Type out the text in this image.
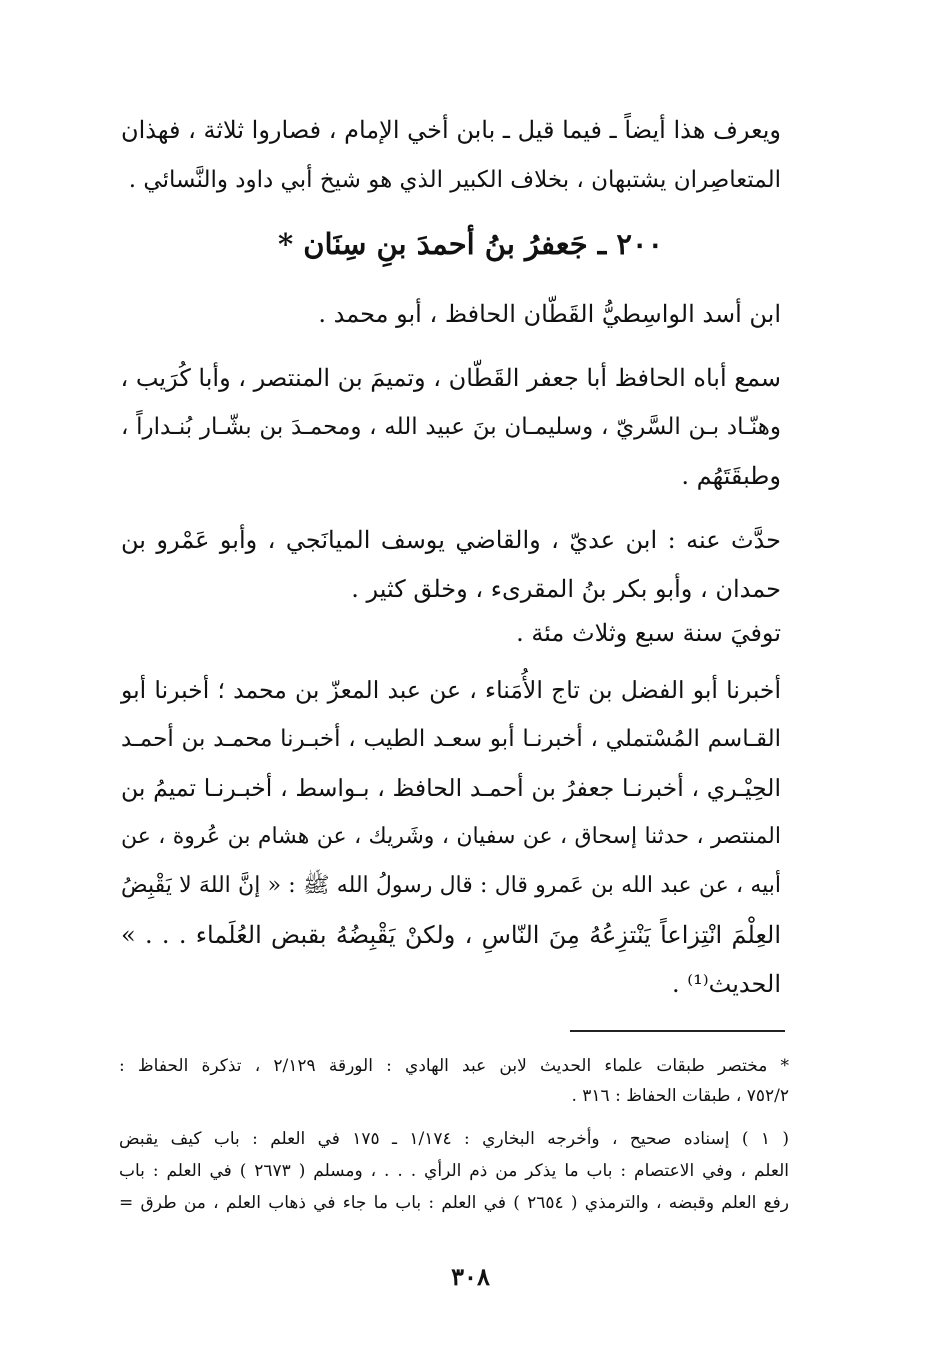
ويعرف هذا أيضاً ـ فيما قيل ـ بابن أخي الإمام ، فصاروا ثلاثة ، فهذان
المتعاصِران يشتبهان ، بخلاف الكبير الذي هو شيخ أبي داود والنَّسائي .
٢٠٠ ـ جَعفرُ بنُ أحمدَ بنِ سِنَان *
ابن أسد الواسِطيُّ القَطّان الحافظ ، أبو محمد .
سمع أباه الحافظ أبا جعفر القَطّان ، وتميمَ بن المنتصر ، وأبا كُرَيب ،
وهنّـاد بـن السَّريّ ، وسليمـان بنَ عبيد الله ، ومحمـدَ بن بشّـار بُنـداراً ،
وطبقَتَهُم .
حدَّث عنه : ابن عديّ ، والقاضي يوسف الميانَجي ، وأبو عَمْرو بن
حمدان ، وأبو بكر بنُ المقرىء ، وخلق كثير .
توفيَ سنة سبع وثلاث مئة .
أخبرنا أبو الفضل بن تاج الأُمَناء ، عن عبد المعزّ بن محمد ؛ أخبرنا أبو
القـاسم المُسْتملي ، أخبرنـا أبو سعـد الطيب ، أخبـرنا محمـد بن أحمـد
الحِيْـري ، أخبرنـا جعفرُ بن أحمـد الحافظ ، بـواسط ، أخبـرنـا تميمُ بن
المنتصر ، حدثنا إسحاق ، عن سفيان ، وشَريك ، عن هشام بن عُروة ، عن
أبيه ، عن عبد الله بن عَمرو قال : قال رسولُ الله ﷺ : « إنَّ اللهَ لا يَقْبِضُ
العِلْمَ انْتِزاعاً يَنْتزِعُهُ مِنَ النّاسِ ، ولكنْ يَقْبِضُهُ بقبض العُلَماء . . . »
الحديث⁽¹⁾ .
* مختصر طبقات علماء الحديث لابن عبد الهادي : الورقة ٢/١٢٩ ، تذكرة الحفاظ :
٧٥٢/٢ ، طبقات الحفاظ : ٣١٦ .
( ١ ) إسناده صحيح ، وأخرجه البخاري : ١/١٧٤ ـ ١٧٥ في العلم : باب كيف يقبض
العلم ، وفي الاعتصام : باب ما يذكر من ذم الرأي . . . ، ومسلم ( ٢٦٧٣ ) في العلم : باب
رفع العلم وقبضه ، والترمذي ( ٢٦٥٤ ) في العلم : باب ما جاء في ذهاب العلم ، من طرق =
٣٠٨
